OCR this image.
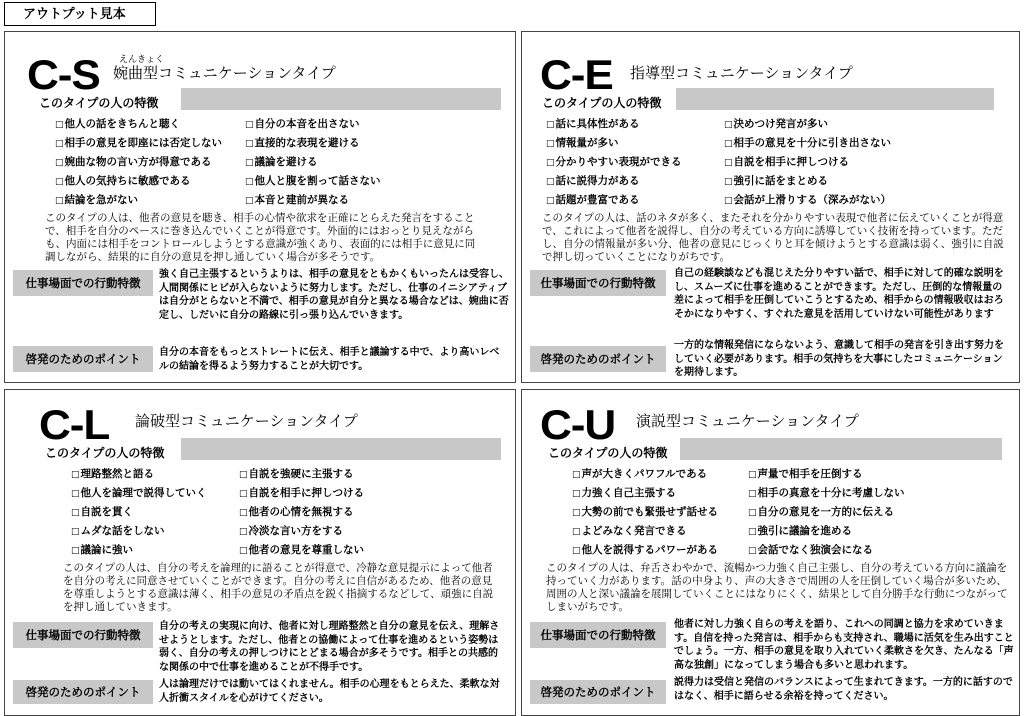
アウトプット見本
C-S えんきょく
婉曲型コミュニケーションタイプ
このタイプの人の特徴
□ 他人の話をきちんと聴く
□ 相手の意見を即座には否定しない
□ 婉曲な物の言い方が得意である
□ 他人の気持ちに敏感である
□ 結論を急がない
□ 自分の本音を出さない
□ 直接的な表現を避ける
□ 議論を避ける
□ 他人と腹を割って話さない
□ 本音と建前が異なる
このタイプの人は、他者の意見を聴き、相手の心情や欲求を正確にとらえた発言をすることで、相手を自分のペースに巻き込んでいくことが得意です。外面的にはおっとり見えながらも、内面には相手をコントロールしようとする意識が強くあり、表面的には相手に意見に同調しながら、結果的に自分の意見を押し通していく場合が多そうです。
仕事場面での行動特徴
強く自己主張するというよりは、相手の意見をともかくもいったんは受容し、人間関係にヒビが入らないように努力します。ただし、仕事のイニシアティブは自分がとらないと不満で、相手の意見が自分と異なる場合などは、婉曲に否定し、しだいに自分の路線に引っ張り込んでいきます。
啓発のためのポイント	自分の本音をもっとストレートに伝え、相手と議論する中で、より高いレベルの結論を得るよう努力することが大切です。
C-E 指導型コミュニケーションタイプ
このタイプの人の特徴
□ 話に具体性がある
□ 情報量が多い
□ 分かりやすい表現ができる
□ 話に説得力がある
□ 話題が豊富である
□ 決めつけ発言が多い
□ 相手の意見を十分に引き出さない
□ 自説を相手に押しつける
□ 強引に話をまとめる
□ 会話が上滑りする（深みがない）
このタイプの人は、話のネタが多く、またそれを分かりやすい表現で他者に伝えていくことが得意で、これによって他者を説得し、自分の考えている方向に誘導していく技術を持っています。ただし、自分の情報量が多い分、他者の意見にじっくりと耳を傾けようとする意識は弱く、強引に自説で押し切っていくことになりがちです。
仕事場面での行動特徴
自己の経験談なども混じえた分りやすい話で、相手に対して的確な説明をし、スムーズに仕事を進めることができます。ただし、圧倒的な情報量の差によって相手を圧倒していこうとするため、相手からの情報吸収はおろそかになりやすく、すぐれた意見を活用していけない可能性があります
啓発のためのポイント
一方的な情報発信にならないよう、意識して相手の発言を引き出す努力をしていく必要があります。相手の気持ちを大事にしたコミュニケーションを期待します。
C-L 論破型コミュニケーションタイプ
このタイプの人の特徴
□ 理路整然と語る
□ 他人を論理で説得していく
□ 自説を貫く
□ ムダな話をしない
□ 議論に強い
□ 自説を強硬に主張する
□ 自説を相手に押しつける
□ 他者の心情を無視する
□ 冷淡な言い方をする
□ 他者の意見を尊重しない
このタイプの人は、自分の考えを論理的に語ることが得意で、冷静な意見提示によって他者を自分の考えに同意させていくことができます。自分の考えに自信があるため、他者の意見を尊重しようとする意識は薄く、相手の意見の矛盾点を鋭く指摘するなどして、頑強に自説を押し通していきます。
仕事場面での行動特徴
自分の考えの実現に向け、他者に対し理路整然と自分の意見を伝え、理解させようとします。ただし、他者との協働によって仕事を進めるという姿勢は弱く、自分の考えの押しつけにとどまる場合が多そうです。相手との共感的な関係の中で仕事を進めることが不得手です。
啓発のためのポイント
人は論理だけでは動いてはくれません。相手の心理をもとらえた、柔軟な対人折衝スタイルを心がけてください。
C-U 演説型コミュニケーションタイプ
このタイプの人の特徴
□ 声が大きくパワフルである
□ 力強く自己主張する
□ 大勢の前でも緊張せず話せる
□ よどみなく発言できる
□ 他人を説得するパワーがある
□ 声量で相手を圧倒する
□ 相手の真意を十分に考慮しない
□ 自分の意見を一方的に伝える
□ 強引に議論を進める
□ 会話でなく独演会になる
このタイプの人は、弁舌さわやかで、流暢かつ力強く自己主張し、自分の考えている方向に議論を持っていく力があります。話の中身より、声の大きさで周囲の人を圧倒していく場合が多いため、周囲の人と深い議論を展開していくことにはなりにくく、結果として自分勝手な行動につながってしまいがちです。
仕事場面での行動特徴
他者に対し力強く自らの考えを語り、これへの同調と協力を求めていきます。自信を持った発言は、相手からも支持され、職場に活気を生み出すことでしょう。一方、相手の意見を取り入れていく柔軟さを欠き、たんなる「声高な独創」になってしまう場合も多いと思われます。
啓発のためのポイント
説得力は受信と発信のバランスによって生まれてきます。一方的に話すのではなく、相手に語らせる余裕を持ってください。
